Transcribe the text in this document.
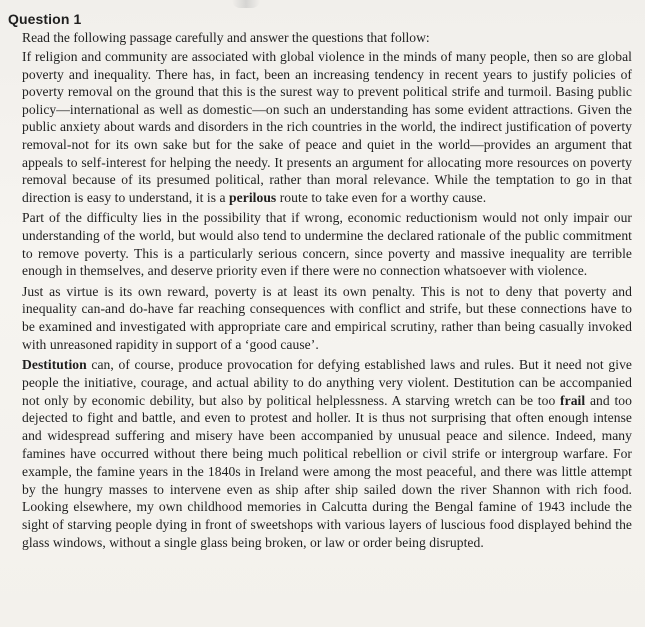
Question 1
Read the following passage carefully and answer the questions that follow:

If religion and community are associated with global violence in the minds of many people, then so are global poverty and inequality. There has, in fact, been an increasing tendency in recent years to justify policies of poverty removal on the ground that this is the surest way to prevent political strife and turmoil. Basing public policy—international as well as domestic—on such an understanding has some evident attractions. Given the public anxiety about wards and disorders in the rich countries in the world, the indirect justification of poverty removal-not for its own sake but for the sake of peace and quiet in the world—provides an argument that appeals to self-interest for helping the needy. It presents an argument for allocating more resources on poverty removal because of its presumed political, rather than moral relevance. While the temptation to go in that direction is easy to understand, it is a perilous route to take even for a worthy cause.

Part of the difficulty lies in the possibility that if wrong, economic reductionism would not only impair our understanding of the world, but would also tend to undermine the declared rationale of the public commitment to remove poverty. This is a particularly serious concern, since poverty and massive inequality are terrible enough in themselves, and deserve priority even if there were no connection whatsoever with violence.

Just as virtue is its own reward, poverty is at least its own penalty. This is not to deny that poverty and inequality can-and do-have far reaching consequences with conflict and strife, but these connections have to be examined and investigated with appropriate care and empirical scrutiny, rather than being casually invoked with unreasoned rapidity in support of a ‘good cause’.

Destitution can, of course, produce provocation for defying established laws and rules. But it need not give people the initiative, courage, and actual ability to do anything very violent. Destitution can be accompanied not only by economic debility, but also by political helplessness. A starving wretch can be too frail and too dejected to fight and battle, and even to protest and holler. It is thus not surprising that often enough intense and widespread suffering and misery have been accompanied by unusual peace and silence. Indeed, many famines have occurred without there being much political rebellion or civil strife or intergroup warfare. For example, the famine years in the 1840s in Ireland were among the most peaceful, and there was little attempt by the hungry masses to intervene even as ship after ship sailed down the river Shannon with rich food. Looking elsewhere, my own childhood memories in Calcutta during the Bengal famine of 1943 include the sight of starving people dying in front of sweetshops with various layers of luscious food displayed behind the glass windows, without a single glass being broken, or law or order being disrupted.
